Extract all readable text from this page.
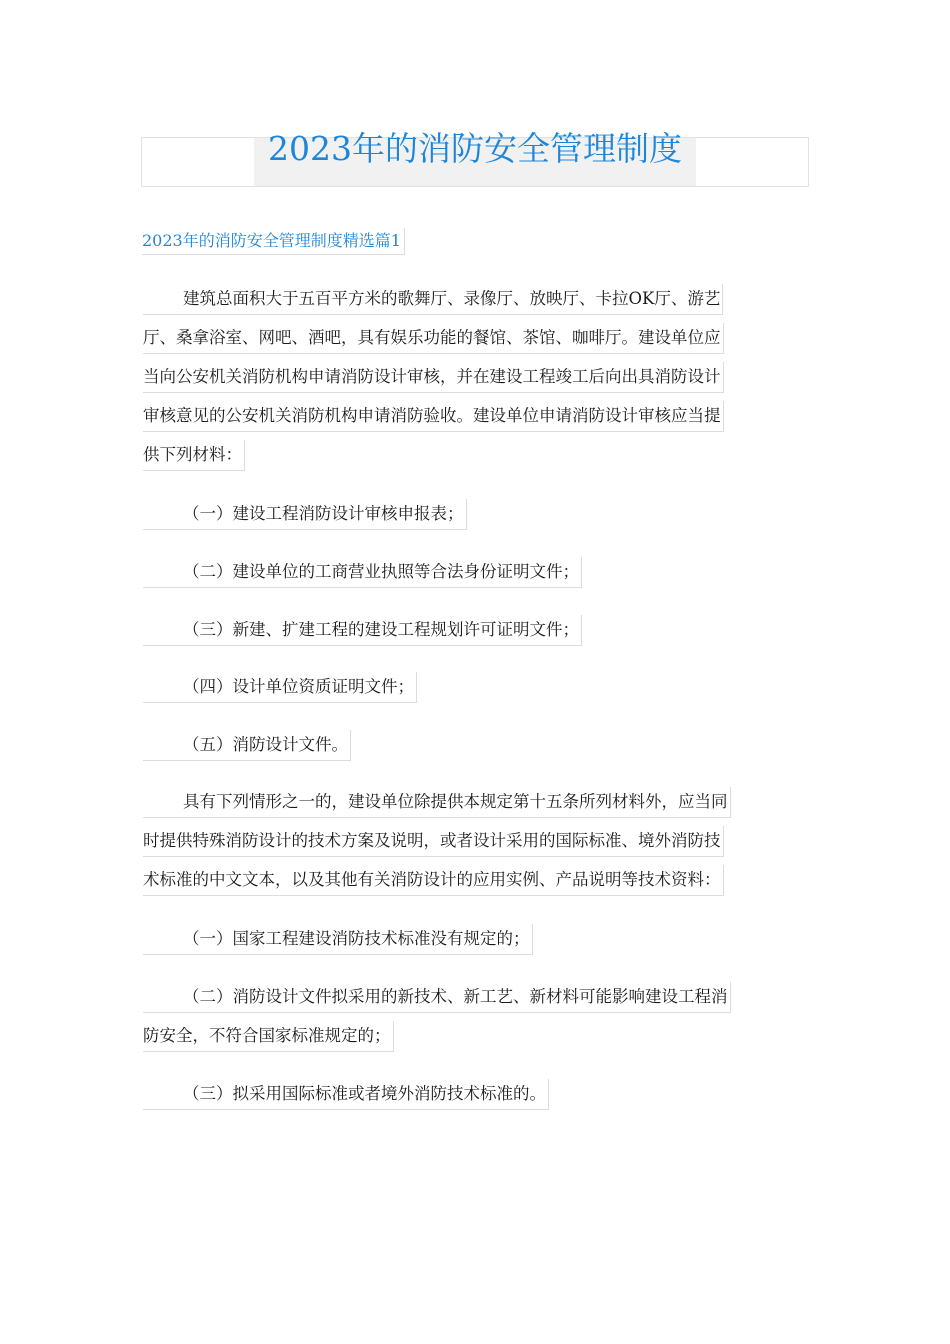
2023年的消防安全管理制度
2023年的消防安全管理制度精选篇1
建筑总面积大于五百平方米的歌舞厅、录像厅、放映厅、卡拉OK厅、游艺
厅、桑拿浴室、网吧、酒吧，具有娱乐功能的餐馆、茶馆、咖啡厅。建设单位应
当向公安机关消防机构申请消防设计审核，并在建设工程竣工后向出具消防设计
审核意见的公安机关消防机构申请消防验收。建设单位申请消防设计审核应当提
供下列材料：
（一）建设工程消防设计审核申报表；
（二）建设单位的工商营业执照等合法身份证明文件；
（三）新建、扩建工程的建设工程规划许可证明文件；
（四）设计单位资质证明文件；
（五）消防设计文件。
具有下列情形之一的，建设单位除提供本规定第十五条所列材料外，应当同
时提供特殊消防设计的技术方案及说明，或者设计采用的国际标准、境外消防技
术标准的中文文本，以及其他有关消防设计的应用实例、产品说明等技术资料：
（一）国家工程建设消防技术标准没有规定的；
（二）消防设计文件拟采用的新技术、新工艺、新材料可能影响建设工程消
防安全，不符合国家标准规定的；
（三）拟采用国际标准或者境外消防技术标准的。
